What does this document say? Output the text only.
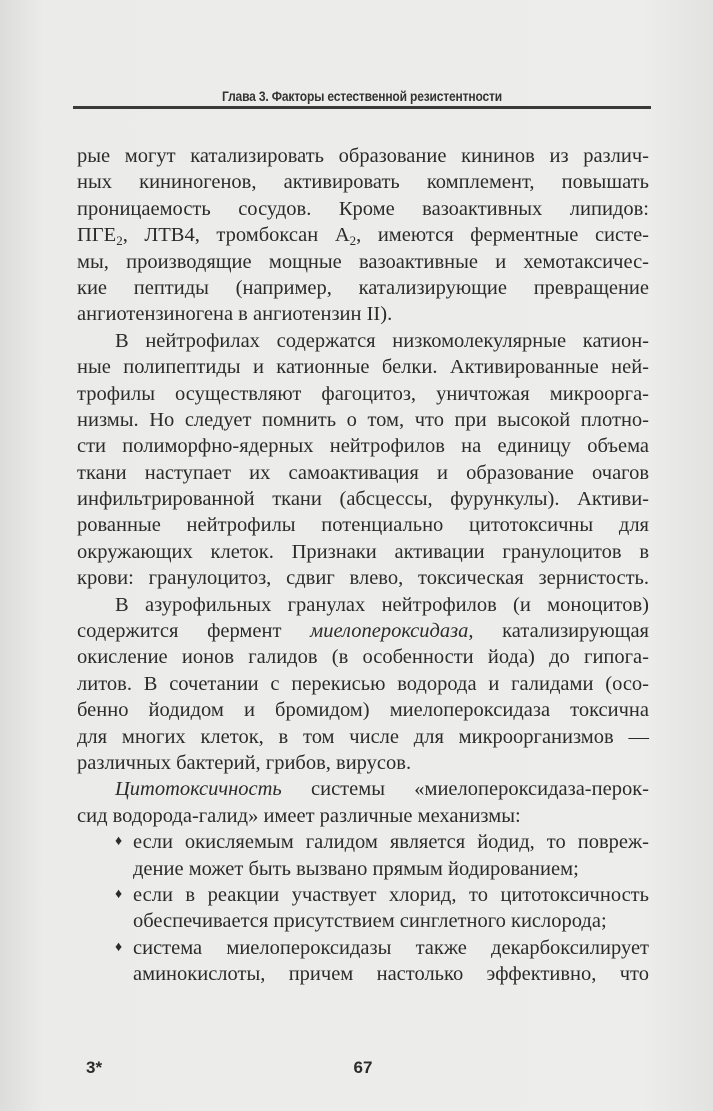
Глава 3. Факторы естественной резистентности
рые могут катализировать образование кининов из различ-
ных кининогенов, активировать комплемент, повышать
проницаемость сосудов. Кроме вазоактивных липидов:
$ПГЕ_2$, ЛТВ4, тромбоксан $А_2$, имеются ферментные систе-
мы, производящие мощные вазоактивные и хемотаксичес-
кие пептиды (например, катализирующие превращение
ангиотензиногена в ангиотензин II).
В нейтрофилах содержатся низкомолекулярные катион-
ные полипептиды и катионные белки. Активированные ней-
трофилы осуществляют фагоцитоз, уничтожая микроорга-
низмы. Но следует помнить о том, что при высокой плотно-
сти полиморфно-ядерных нейтрофилов на единицу объема
ткани наступает их самоактивация и образование очагов
инфильтрированной ткани (абсцессы, фурункулы). Активи-
рованные нейтрофилы потенциально цитотоксичны для
окружающих клеток. Признаки активации гранулоцитов в
крови: гранулоцитоз, сдвиг влево, токсическая зернистость.
В азурофильных гранулах нейтрофилов (и моноцитов)
содержится фермент миелопероксидаза, катализирующая
окисление ионов галидов (в особенности йода) до гипога-
литов. В сочетании с перекисью водорода и галидами (осо-
бенно йодидом и бромидом) миелопероксидаза токсична
для многих клеток, в том числе для микроорганизмов —
различных бактерий, грибов, вирусов.
Цитотоксичность системы «миелопероксидаза-перок-
сид водорода-галид» имеет различные механизмы:
♦ если окисляемым галидом является йодид, то повреж-
дение может быть вызвано прямым йодированием;
♦ если в реакции участвует хлорид, то цитотоксичность
обеспечивается присутствием синглетного кислорода;
♦ система миелопероксидазы также декарбоксилирует
аминокислоты, причем настолько эффективно, что
3*	67
